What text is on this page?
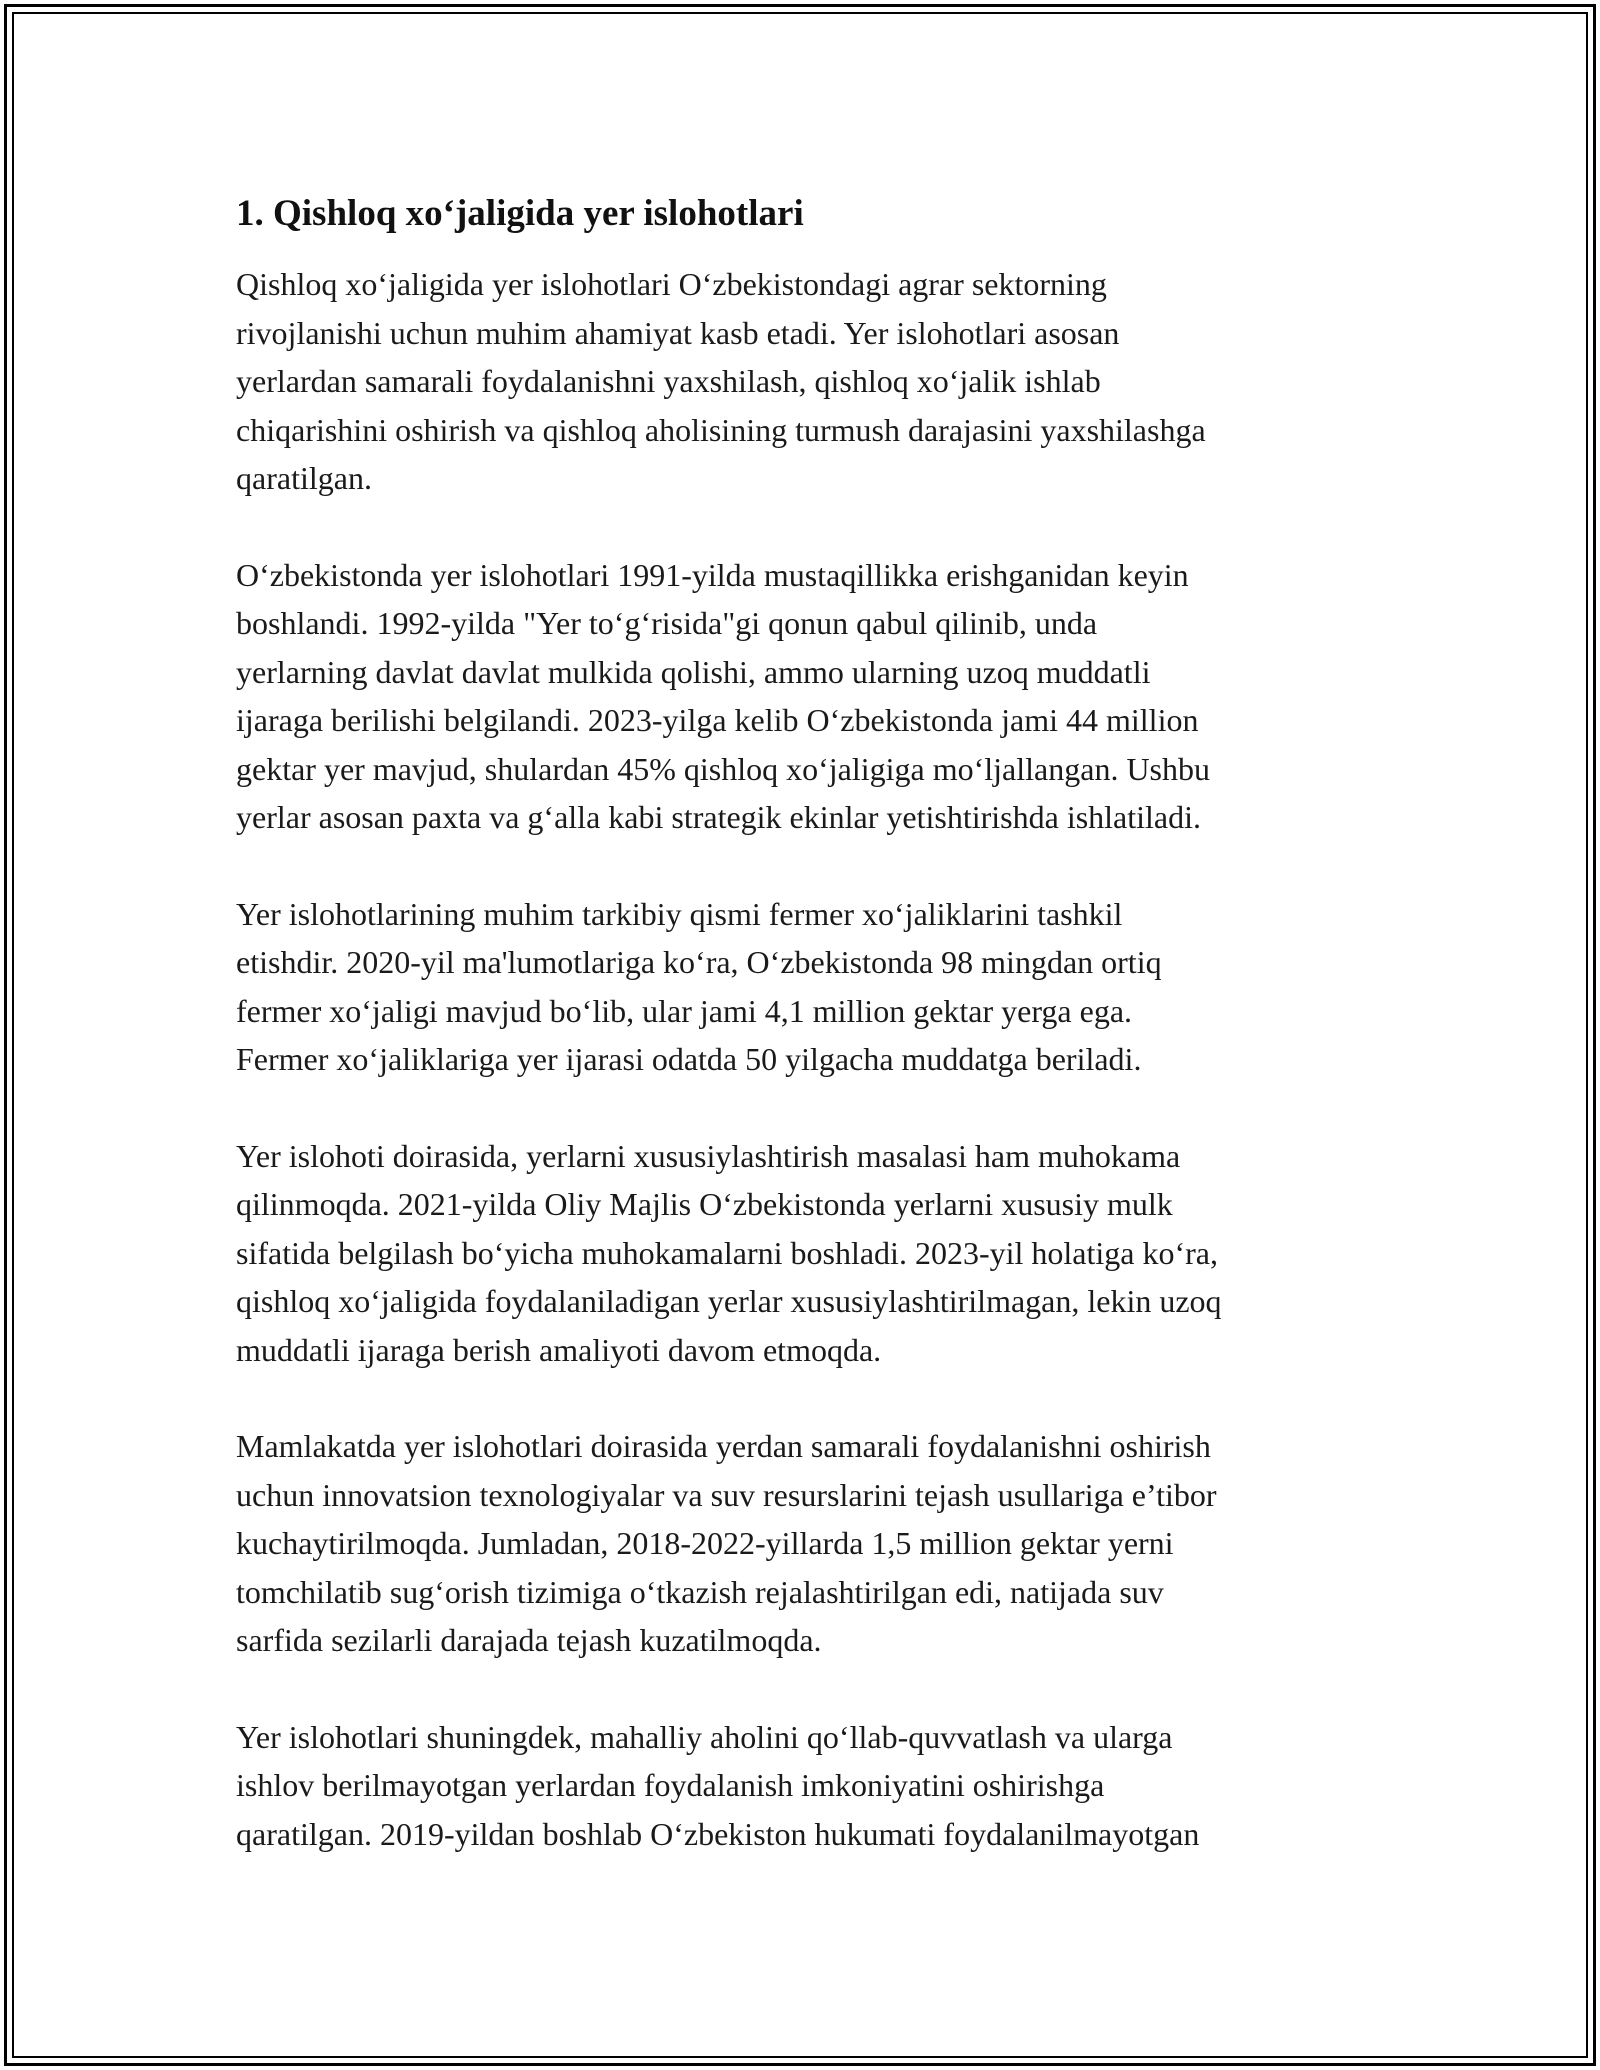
1. Qishloq xo‘jaligida yer islohotlari

Qishloq xo‘jaligida yer islohotlari O‘zbekistondagi agrar sektorning
rivojlanishi uchun muhim ahamiyat kasb etadi. Yer islohotlari asosan
yerlardan samarali foydalanishni yaxshilash, qishloq xo‘jalik ishlab
chiqarishini oshirish va qishloq aholisining turmush darajasini yaxshilashga
qaratilgan.

O‘zbekistonda yer islohotlari 1991-yilda mustaqillikka erishganidan keyin
boshlandi. 1992-yilda "Yer to‘g‘risida"gi qonun qabul qilinib, unda
yerlarning davlat davlat mulkida qolishi, ammo ularning uzoq muddatli
ijaraga berilishi belgilandi. 2023-yilga kelib O‘zbekistonda jami 44 million
gektar yer mavjud, shulardan 45% qishloq xo‘jaligiga mo‘ljallangan. Ushbu
yerlar asosan paxta va g‘alla kabi strategik ekinlar yetishtirishda ishlatiladi.

Yer islohotlarining muhim tarkibiy qismi fermer xo‘jaliklarini tashkil
etishdir. 2020-yil ma'lumotlariga ko‘ra, O‘zbekistonda 98 mingdan ortiq
fermer xo‘jaligi mavjud bo‘lib, ular jami 4,1 million gektar yerga ega.
Fermer xo‘jaliklariga yer ijarasi odatda 50 yilgacha muddatga beriladi.

Yer islohoti doirasida, yerlarni xususiylashtirish masalasi ham muhokama
qilinmoqda. 2021-yilda Oliy Majlis O‘zbekistonda yerlarni xususiy mulk
sifatida belgilash bo‘yicha muhokamalarni boshladi. 2023-yil holatiga ko‘ra,
qishloq xo‘jaligida foydalaniladigan yerlar xususiylashtirilmagan, lekin uzoq
muddatli ijaraga berish amaliyoti davom etmoqda.

Mamlakatda yer islohotlari doirasida yerdan samarali foydalanishni oshirish
uchun innovatsion texnologiyalar va suv resurslarini tejash usullariga e’tibor
kuchaytirilmoqda. Jumladan, 2018-2022-yillarda 1,5 million gektar yerni
tomchilatib sug‘orish tizimiga o‘tkazish rejalashtirilgan edi, natijada suv
sarfida sezilarli darajada tejash kuzatilmoqda.

Yer islohotlari shuningdek, mahalliy aholini qo‘llab-quvvatlash va ularga
ishlov berilmayotgan yerlardan foydalanish imkoniyatini oshirishga
qaratilgan. 2019-yildan boshlab O‘zbekiston hukumati foydalanilmayotgan
